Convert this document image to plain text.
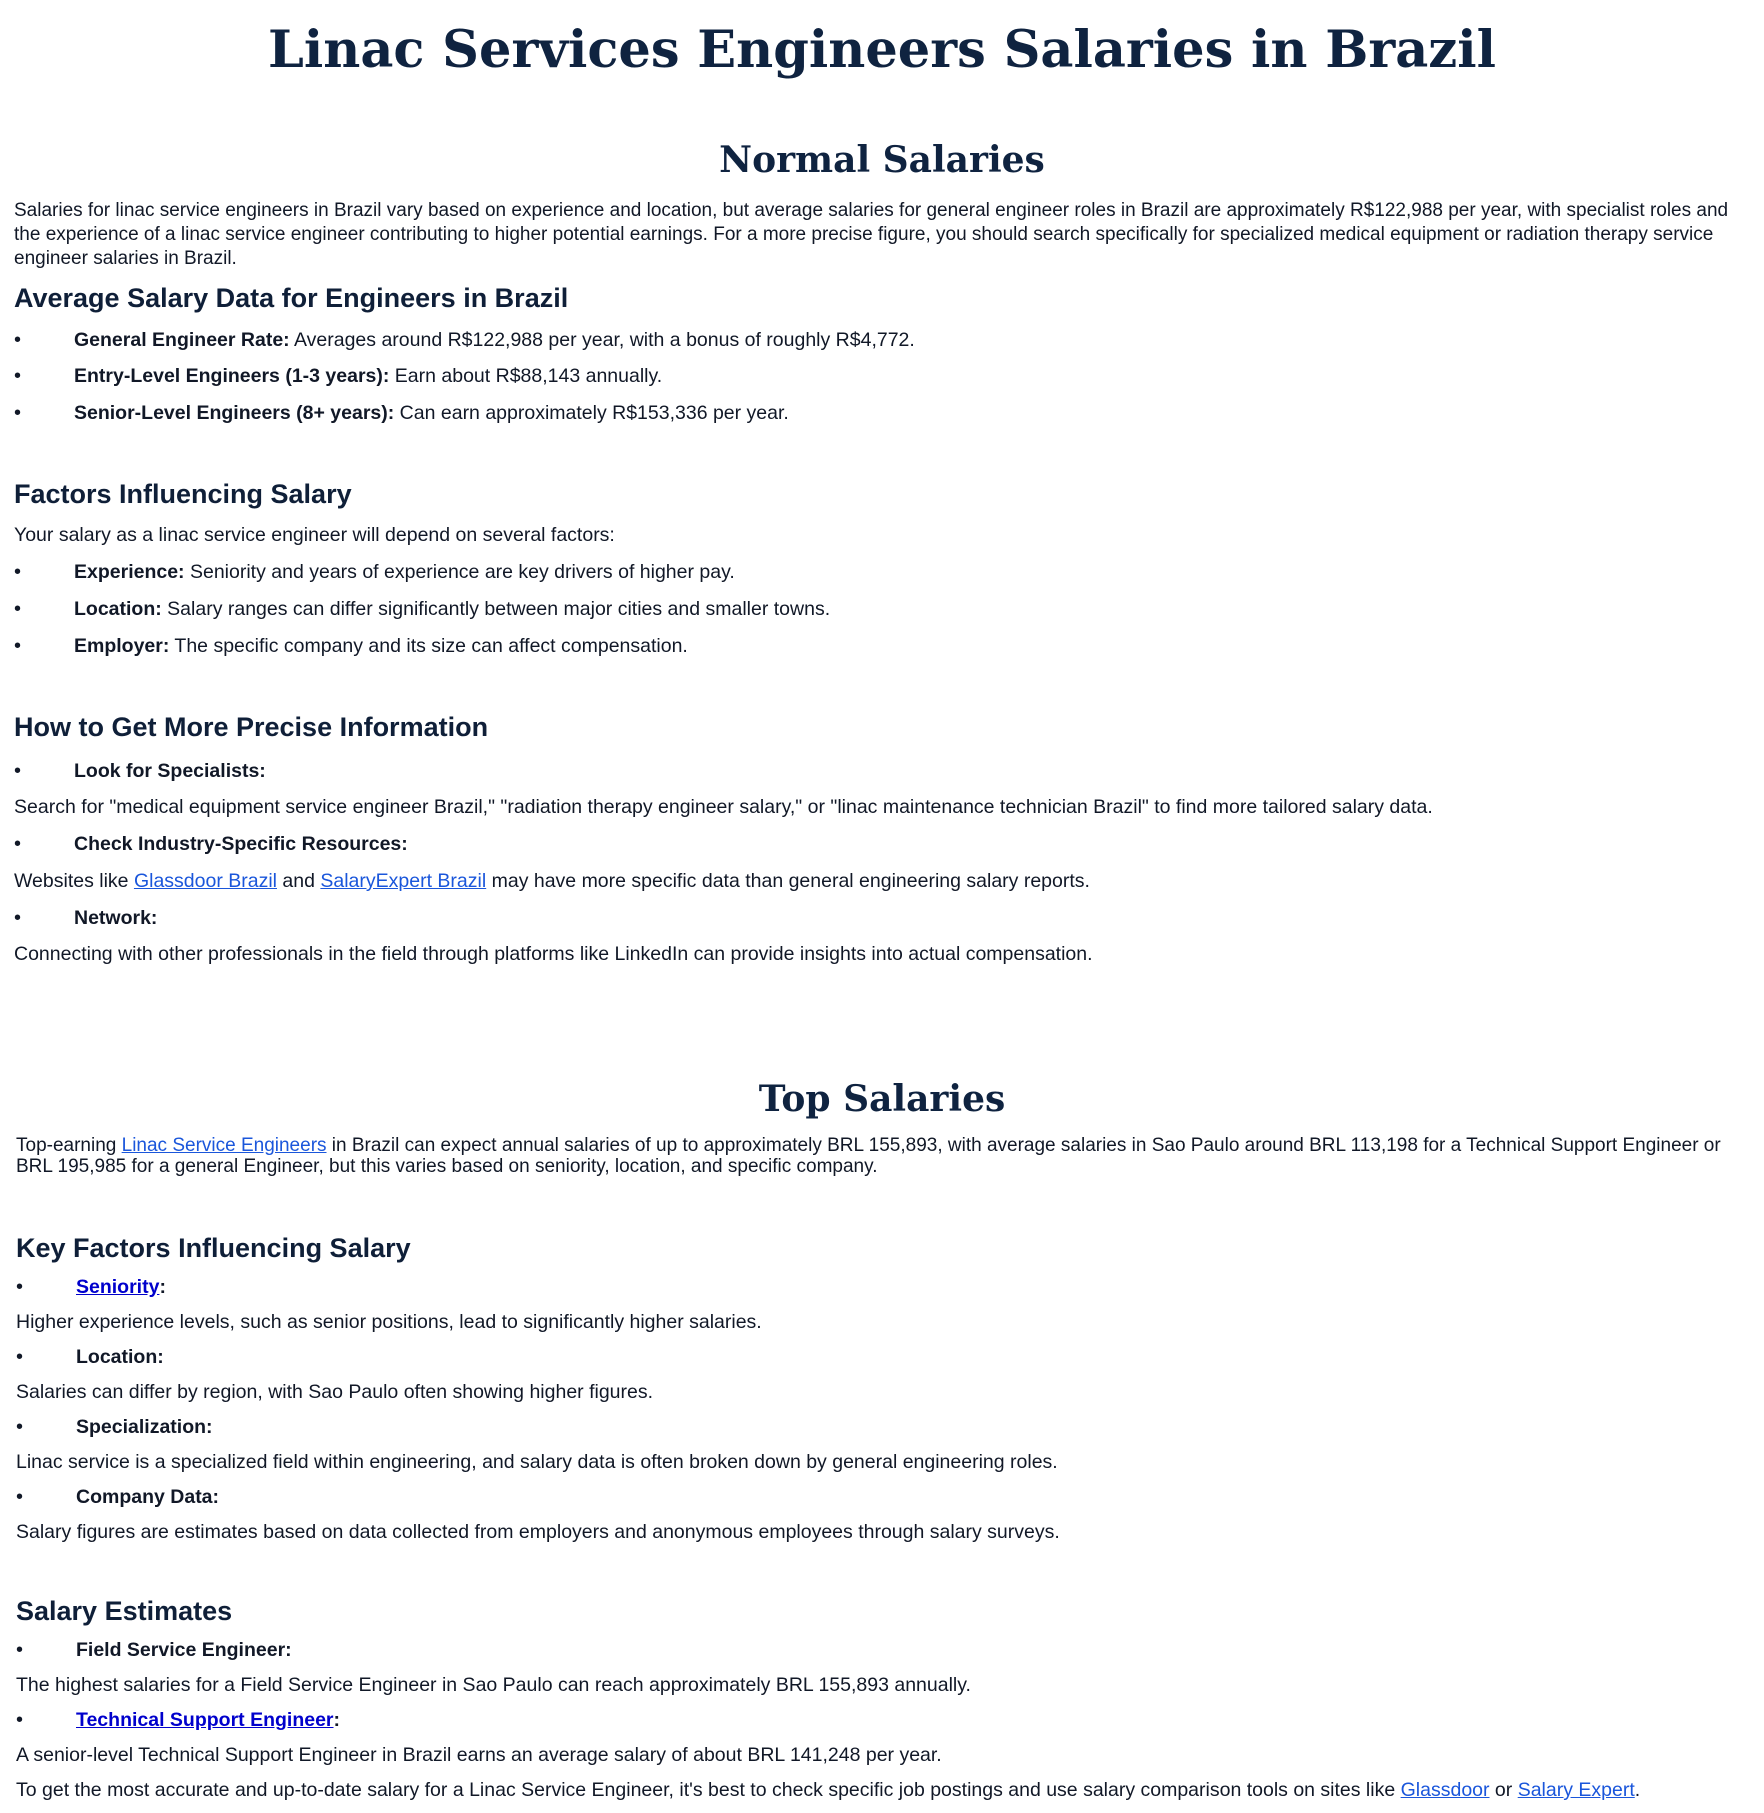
Linac Services Engineers Salaries in Brazil
Normal Salaries

Salaries for linac service engineers in Brazil vary based on experience and location, but average salaries for general engineer roles in Brazil are approximately R$122,988 per year, with specialist roles and the experience of a linac service engineer contributing to higher potential earnings. For a more precise figure, you should search specifically for specialized medical equipment or radiation therapy service engineer salaries in Brazil.

Average Salary Data for Engineers in Brazil
•	General Engineer Rate: Averages around R$122,988 per year, with a bonus of roughly R$4,772.
•	Entry-Level Engineers (1-3 years): Earn about R$88,143 annually.
•	Senior-Level Engineers (8+ years): Can earn approximately R$153,336 per year.
Factors Influencing Salary

Your salary as a linac service engineer will depend on several factors:

•	Experience: Seniority and years of experience are key drivers of higher pay.
•	Location: Salary ranges can differ significantly between major cities and smaller towns.
•	Employer: The specific company and its size can affect compensation.
How to Get More Precise Information
•	Look for Specialists:

Search for "medical equipment service engineer Brazil," "radiation therapy engineer salary," or "linac maintenance technician Brazil" to find more tailored salary data.

•	Check Industry-Specific Resources:

Websites like Glassdoor Brazil and SalaryExpert Brazil may have more specific data than general engineering salary reports.

•	Network:

Connecting with other professionals in the field through platforms like LinkedIn can provide insights into actual compensation.

Top Salaries

Top-earning Linac Service Engineers in Brazil can expect annual salaries of up to approximately BRL 155,893, with average salaries in Sao Paulo around BRL 113,198 for a Technical Support Engineer or BRL 195,985 for a general Engineer, but this varies based on seniority, location, and specific company.

Key Factors Influencing Salary
•	Seniority:

Higher experience levels, such as senior positions, lead to significantly higher salaries.

•	Location:

Salaries can differ by region, with Sao Paulo often showing higher figures.

•	Specialization:

Linac service is a specialized field within engineering, and salary data is often broken down by general engineering roles.

•	Company Data:

Salary figures are estimates based on data collected from employers and anonymous employees through salary surveys.

Salary Estimates
•	Field Service Engineer:

The highest salaries for a Field Service Engineer in Sao Paulo can reach approximately BRL 155,893 annually.

•	Technical Support Engineer:

A senior-level Technical Support Engineer in Brazil earns an average salary of about BRL 141,248 per year.

To get the most accurate and up-to-date salary for a Linac Service Engineer, it's best to check specific job postings and use salary comparison tools on sites like Glassdoor or Salary Expert.
